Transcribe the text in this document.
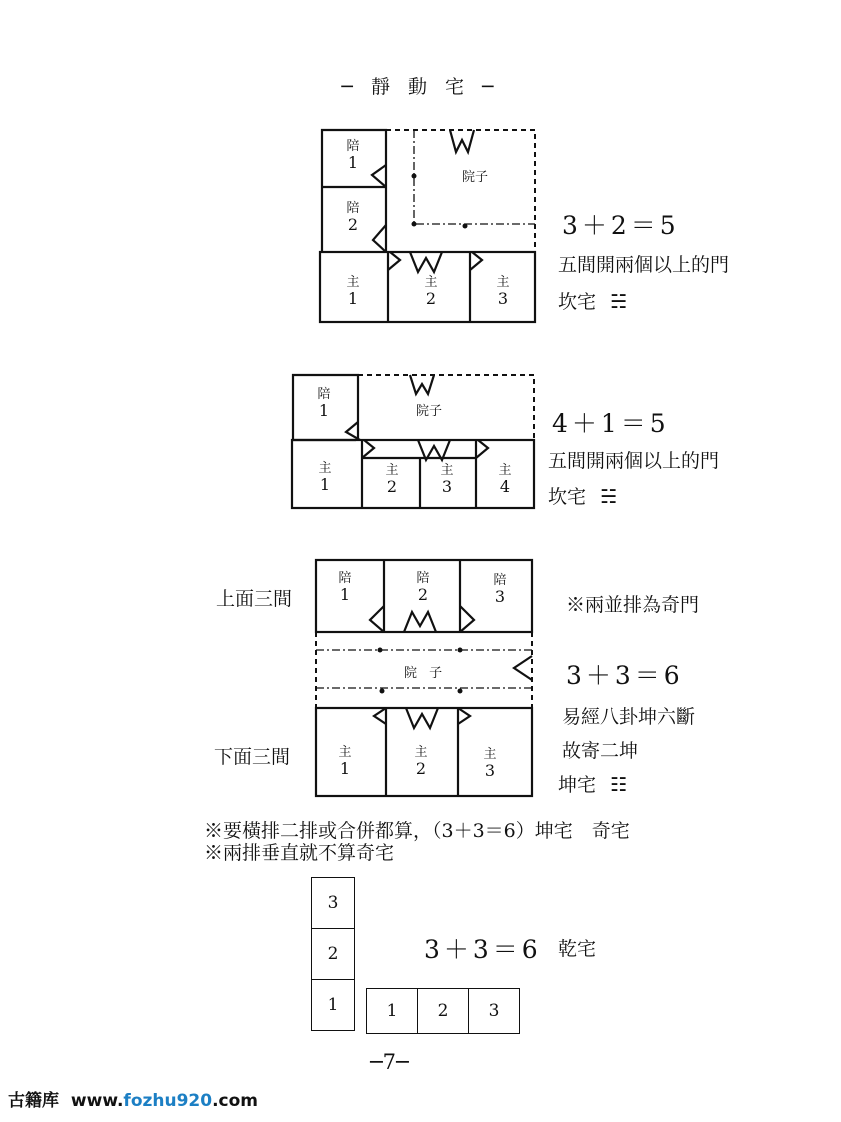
─ 靜 動 宅 ─
陪
1
陪
2
主
1
主
2
主
3
院子
3＋2＝5
五間開兩個以上的門
坎宅 ☵
陪
1
主
1
主
2
主
3
主
4
院子	4＋1＝5
五間開兩個以上的門
坎宅 ☵
上面三間
下面三間
陪
1
陪
2
陪
3
主
1
主
2
主
3
院 子
※兩並排為奇門
3＋3＝6
易經八卦坤六斷
故寄二坤
坤宅 ☷
※要橫排二排或合併都算，（3＋3＝6）坤宅　奇宅
※兩排垂直就不算奇宅
3
2
1	1	2	3
3＋3＝6 乾宅
─7─
古籍库 www.fozhu920.com
